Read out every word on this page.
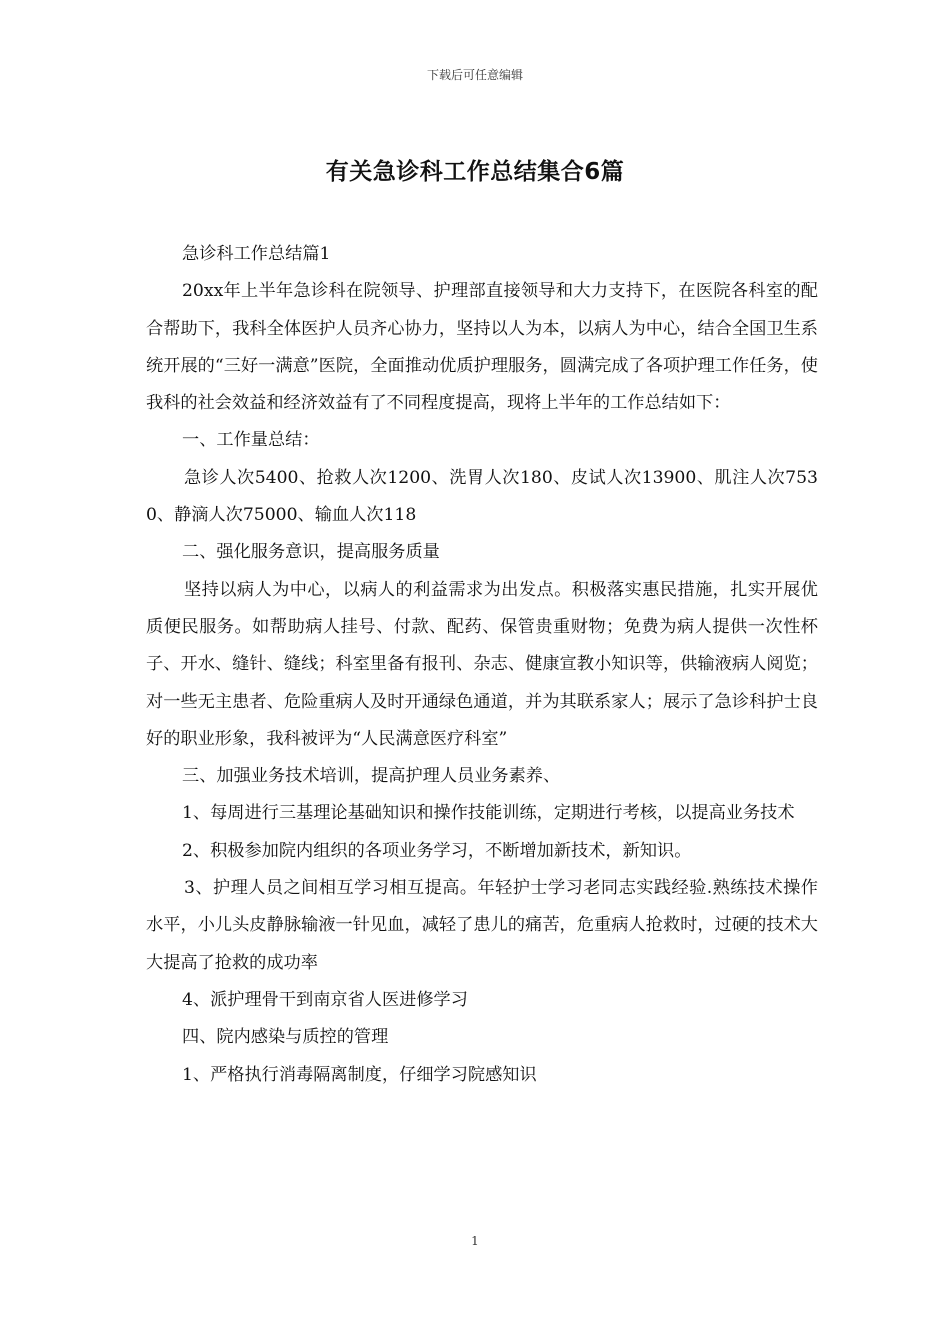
下载后可任意编辑
有关急诊科工作总结集合6篇

急诊科工作总结篇1

20xx年上半年急诊科在院领导、护理部直接领导和大力支持下，在医院各科室的配合帮助下，我科全体医护人员齐心协力，坚持以人为本，以病人为中心，结合全国卫生系统开展的“三好一满意”医院，全面推动优质护理服务，圆满完成了各项护理工作任务，使我科的社会效益和经济效益有了不同程度提高，现将上半年的工作总结如下：

一、工作量总结：

急诊人次5400、抢救人次1200、洗胃人次180、皮试人次13900、肌注人次7530、静滴人次75000、输血人次118

二、强化服务意识，提高服务质量

坚持以病人为中心，以病人的利益需求为出发点。积极落实惠民措施，扎实开展优质便民服务。如帮助病人挂号、付款、配药、保管贵重财物；免费为病人提供一次性杯子、开水、缝针、缝线；科室里备有报刊、杂志、健康宣教小知识等，供输液病人阅览；对一些无主患者、危险重病人及时开通绿色通道，并为其联系家人；展示了急诊科护士良好的职业形象，我科被评为“人民满意医疗科室”

三、加强业务技术培训，提高护理人员业务素养、

1、每周进行三基理论基础知识和操作技能训练，定期进行考核，以提高业务技术

2、积极参加院内组织的各项业务学习，不断增加新技术，新知识。

3、护理人员之间相互学习相互提高。年轻护士学习老同志实践经验.熟练技术操作水平，小儿头皮静脉输液一针见血，减轻了患儿的痛苦，危重病人抢救时，过硬的技术大大提高了抢救的成功率

4、派护理骨干到南京省人医进修学习

四、院内感染与质控的管理

1、严格执行消毒隔离制度，仔细学习院感知识

1
